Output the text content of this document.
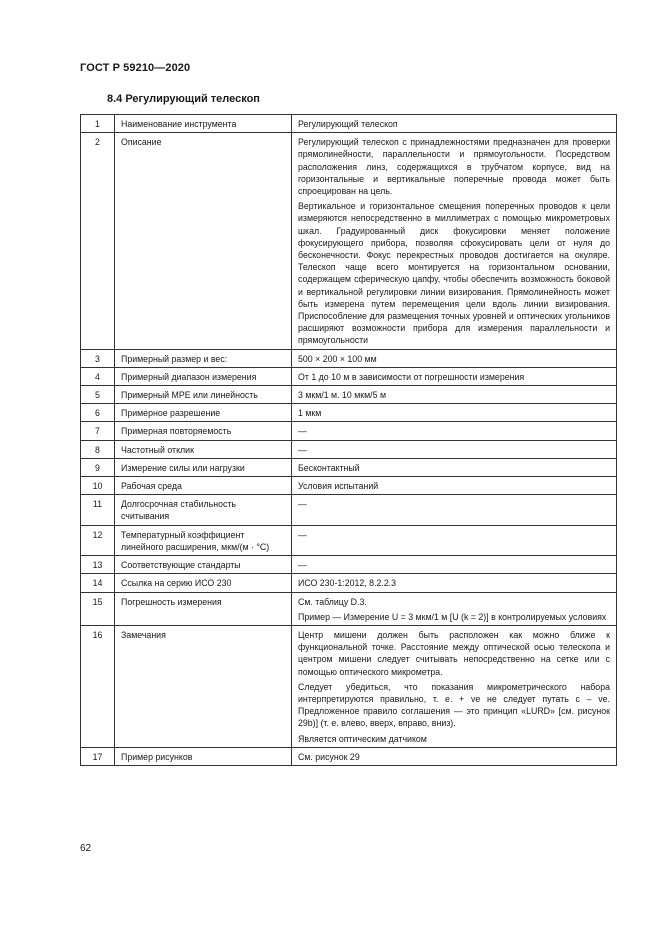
ГОСТ Р 59210—2020
8.4 Регулирующий телескоп
1	Наименование инструмента	Регулирующий телескоп

2	Описание	Регулирующий телескоп с принадлежностями предназначен для проверки прямолинейности, параллельности и прямоугольности. Посредством расположения линз, содержащихся в трубчатом корпусе, вид на горизонтальные и вертикальные поперечные провода может быть спроецирован на цель.

Вертикальное и горизонтальное смещения поперечных проводов к цели измеряются непосредственно в миллиметрах с помощью микрометровых шкал. Градуированный диск фокусировки меняет положение фокусирующего прибора, позволяя сфокусировать цели от нуля до бесконечности. Фокус перекрестных проводов достигается на окуляре. Телескоп чаще всего монтируется на горизонтальном основании, содержащем сферическую цапфу, чтобы обеспечить возможность боковой и вертикальной регулировки линии визирования. Прямолинейность может быть измерена путем перемещения цели вдоль линии визирования. Приспособление для размещения точных уровней и оптических угольников расширяют возможности прибора для измерения параллельности и прямоугольности

3	Примерный размер и вес:	500 × 200 × 100 мм

4	Примерный диапазон измерения	От 1 до 10 м в зависимости от погрешности измерения

5	Примерный MPE или линейность	3 мкм/1 м. 10 мкм/5 м

6	Примерное разрешение	1 мкм

7	Примерная повторяемость	—

8	Частотный отклик	—

9	Измерение силы или нагрузки	Бесконтактный

10	Рабочая среда	Условия испытаний

11	Долгосрочная стабильность считывания	—

12	Температурный коэффициент линейного расширения, мкм/(м · °С)	—

13	Соответствующие стандарты	—

14	Ссылка на серию ИСО 230	ИСО 230-1:2012, 8.2.2.3

15	Погрешность измерения	См. таблицу D.3.

Пример — Измерение U = 3 мкм/1 м [U (k = 2)] в контролируемых условиях

16	Замечания	Центр мишени должен быть расположен как можно ближе к функциональной точке. Расстояние между оптической осью телескопа и центром мишени следует считывать непосредственно на сетке или с помощью оптического микрометра.

Следует убедиться, что показания микрометрического набора интерпретируются правильно, т. е. + ve не следует путать с – ve. Предложенное правило соглашения — это принцип «LURD» [см. рисунок 29b)] (т. е. влево, вверх, вправо, вниз).

Является оптическим датчиком

17	Пример рисунков	См. рисунок 29

62
